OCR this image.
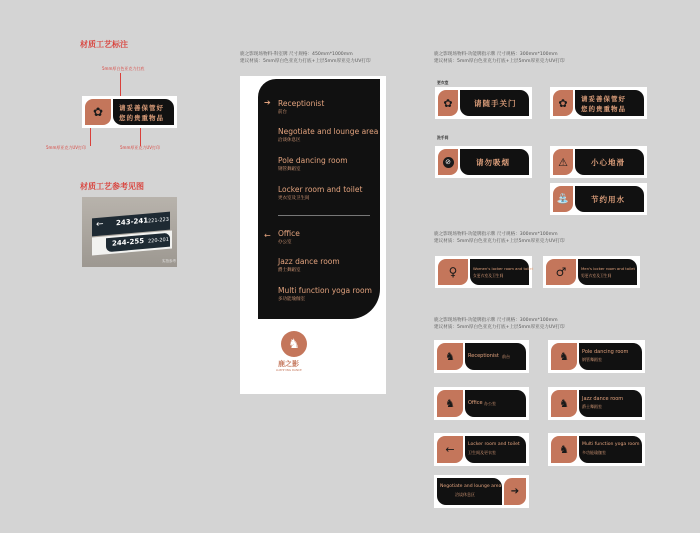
材质工艺标注
5mm厚白色亚克力打底
✿ 请妥善保管好
您的贵重物品
5mm厚亚克力UV打印	5mm厚亚克力UV打印
材质工艺参考见图
243-241 221-223
←
244-255 220-201
实拍参考
鹿之影现场物料-科室牌 尺寸规格：450mm*1000mm
建议材质：5mm厚白色亚克力打底+上层5mm厚亚克力UV打印
➔ Receptionist
前台
Negotiate and lounge area
洽谈休息区
Pole dancing room
钢管舞蹈室
Locker room and toilet
更衣室及卫生间
← Office
办公室
Jazz dance room
爵士舞蹈室
Multi function yoga room
多功能瑜伽室
♞
鹿之影
LUZHIYING DANCE
鹿之影现场物料-功能牌指示牌 尺寸规格：300mm*100mm
建议材质：5mm厚白色亚克力打底+上层5mm厚亚克力UV打印
更衣室
✿	请随手关门	✿ 请妥善保管好
您的贵重物品
洗手间
⊘	请勿吸烟	⚠	小心地滑
⛲	节约用水
鹿之影现场物料-功能牌指示牌 尺寸规格：300mm*100mm
建议材质：5mm厚白色亚克力打底+上层5mm厚亚克力UV打印
♀	Women's locker room and toilet
女更衣室及卫生间	♂	Men's locker room and toilet
男更衣室及卫生间
鹿之影现场物料-功能牌指示牌 尺寸规格：300mm*100mm
建议材质：5mm厚白色亚克力打底+上层5mm厚亚克力UV打印
♞	Receptionist 前台	♞	Pole dancing room
钢管舞蹈室
♞	Office 办公室	♞	Jazz dance room
爵士舞蹈室
←	Locker room and toilet
卫生间及更衣室	♞	Multi function yoga room
多功能瑜伽室
Negotiate and lounge area
洽谈休息区	➔
